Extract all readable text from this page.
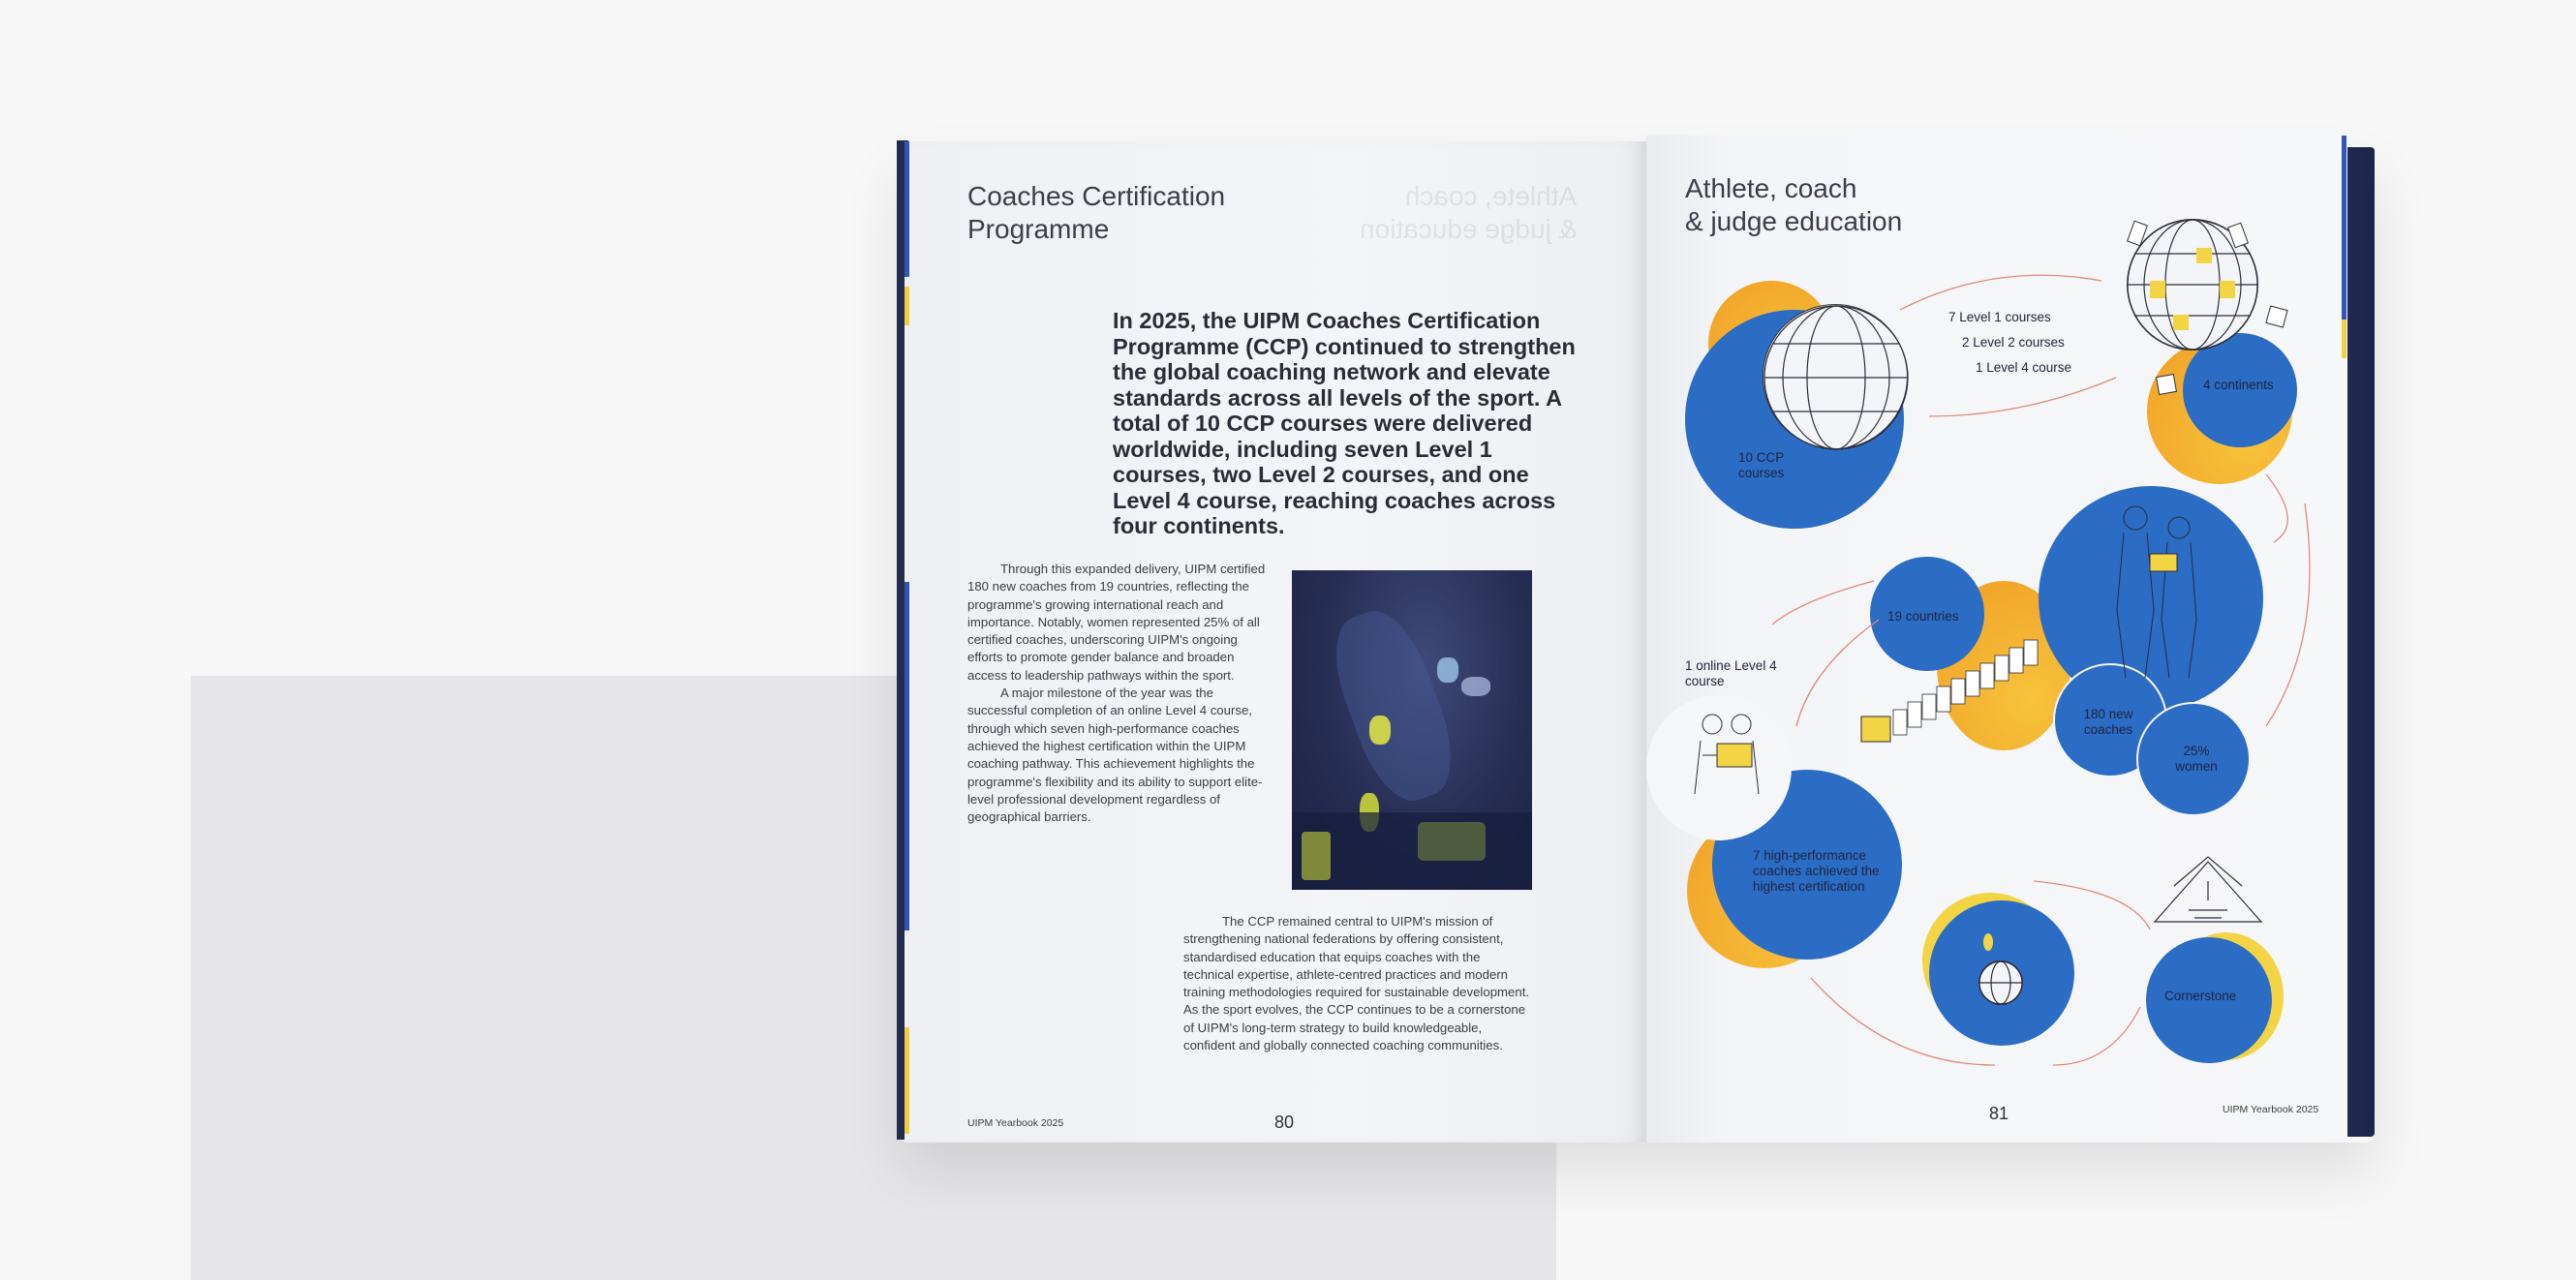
Coaches Certification
Programme
Athlete, coach
& judge education
In 2025, the UIPM Coaches Certification Programme (CCP) continued to strengthen the global coaching network and elevate standards across all levels of the sport. A total of 10 CCP courses were delivered worldwide, including seven Level 1 courses, two Level 2 courses, and one Level 4 course, reaching coaches across four continents.

Through this expanded delivery, UIPM certified 180 new coaches from 19 countries, reflecting the programme's growing international reach and importance. Notably, women represented 25% of all certified coaches, underscoring UIPM's ongoing efforts to promote gender balance and broaden access to leadership pathways within the sport.

A major milestone of the year was the successful completion of an online Level 4 course, through which seven high-performance coaches achieved the highest certification within the UIPM coaching pathway. This achievement highlights the programme's flexibility and its ability to support elite-level professional development regardless of geographical barriers.

The CCP remained central to UIPM's mission of strengthening national federations by offering consistent, standardised education that equips coaches with the technical expertise, athlete-centred practices and modern training methodologies required for sustainable development. As the sport evolves, the CCP continues to be a cornerstone of UIPM's long-term strategy to build knowledgeable, confident and globally connected coaching communities.

UIPM Yearbook 2025	80
Athlete, coach
& judge education
10 CCP courses
7 Level 1 courses
2 Level 2 courses
1 Level 4 course
4 continents
19 countries
1 online Level 4 course
180 new coaches
25% women
7 high-performance coaches achieved the highest certification
Cornerstone
81	UIPM Yearbook 2025
